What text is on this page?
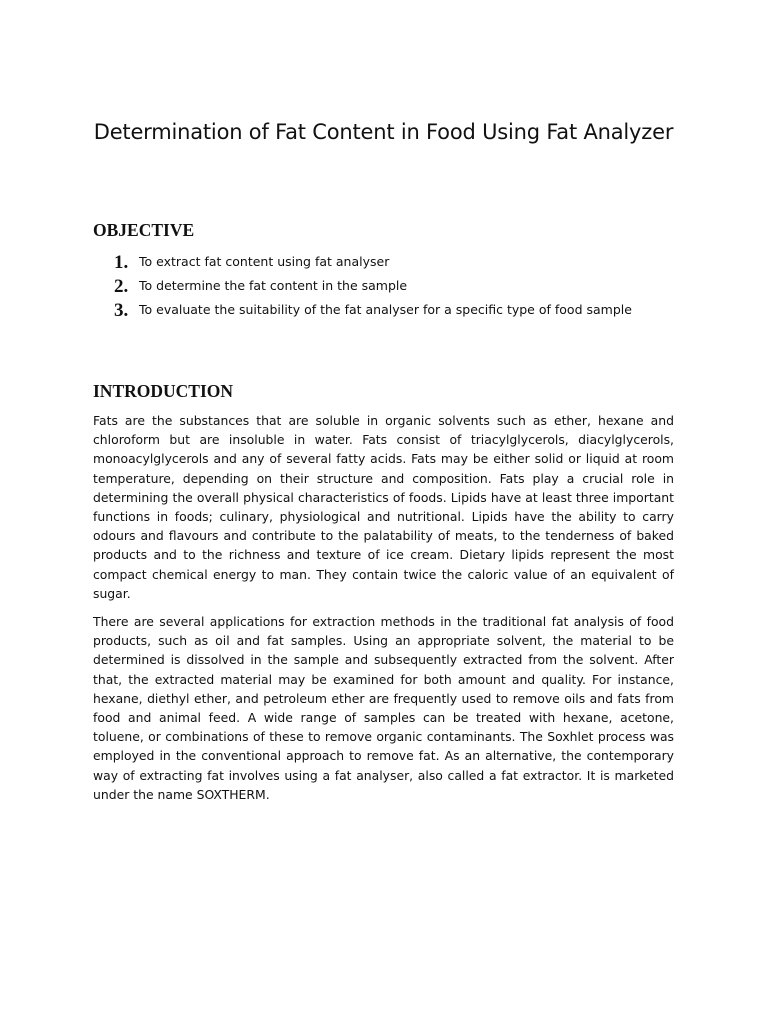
Determination of Fat Content in Food Using Fat Analyzer
OBJECTIVE
1. To extract fat content using fat analyser
2. To determine the fat content in the sample
3. To evaluate the suitability of the fat analyser for a specific type of food sample
INTRODUCTION

Fats are the substances that are soluble in organic solvents such as ether, hexane and chloroform but are insoluble in water. Fats consist of triacylglycerols, diacylglycerols, monoacylglycerols and any of several fatty acids. Fats may be either solid or liquid at room temperature, depending on their structure and composition. Fats play a crucial role in determining the overall physical characteristics of foods. Lipids have at least three important functions in foods; culinary, physiological and nutritional. Lipids have the ability to carry odours and flavours and contribute to the palatability of meats, to the tenderness of baked products and to the richness and texture of ice cream. Dietary lipids represent the most compact chemical energy to man. They contain twice the caloric value of an equivalent of sugar.

There are several applications for extraction methods in the traditional fat analysis of food products, such as oil and fat samples. Using an appropriate solvent, the material to be determined is dissolved in the sample and subsequently extracted from the solvent. After that, the extracted material may be examined for both amount and quality. For instance, hexane, diethyl ether, and petroleum ether are frequently used to remove oils and fats from food and animal feed. A wide range of samples can be treated with hexane, acetone, toluene, or combinations of these to remove organic contaminants. The Soxhlet process was employed in the conventional approach to remove fat. As an alternative, the contemporary way of extracting fat involves using a fat analyser, also called a fat extractor. It is marketed under the name SOXTHERM.
